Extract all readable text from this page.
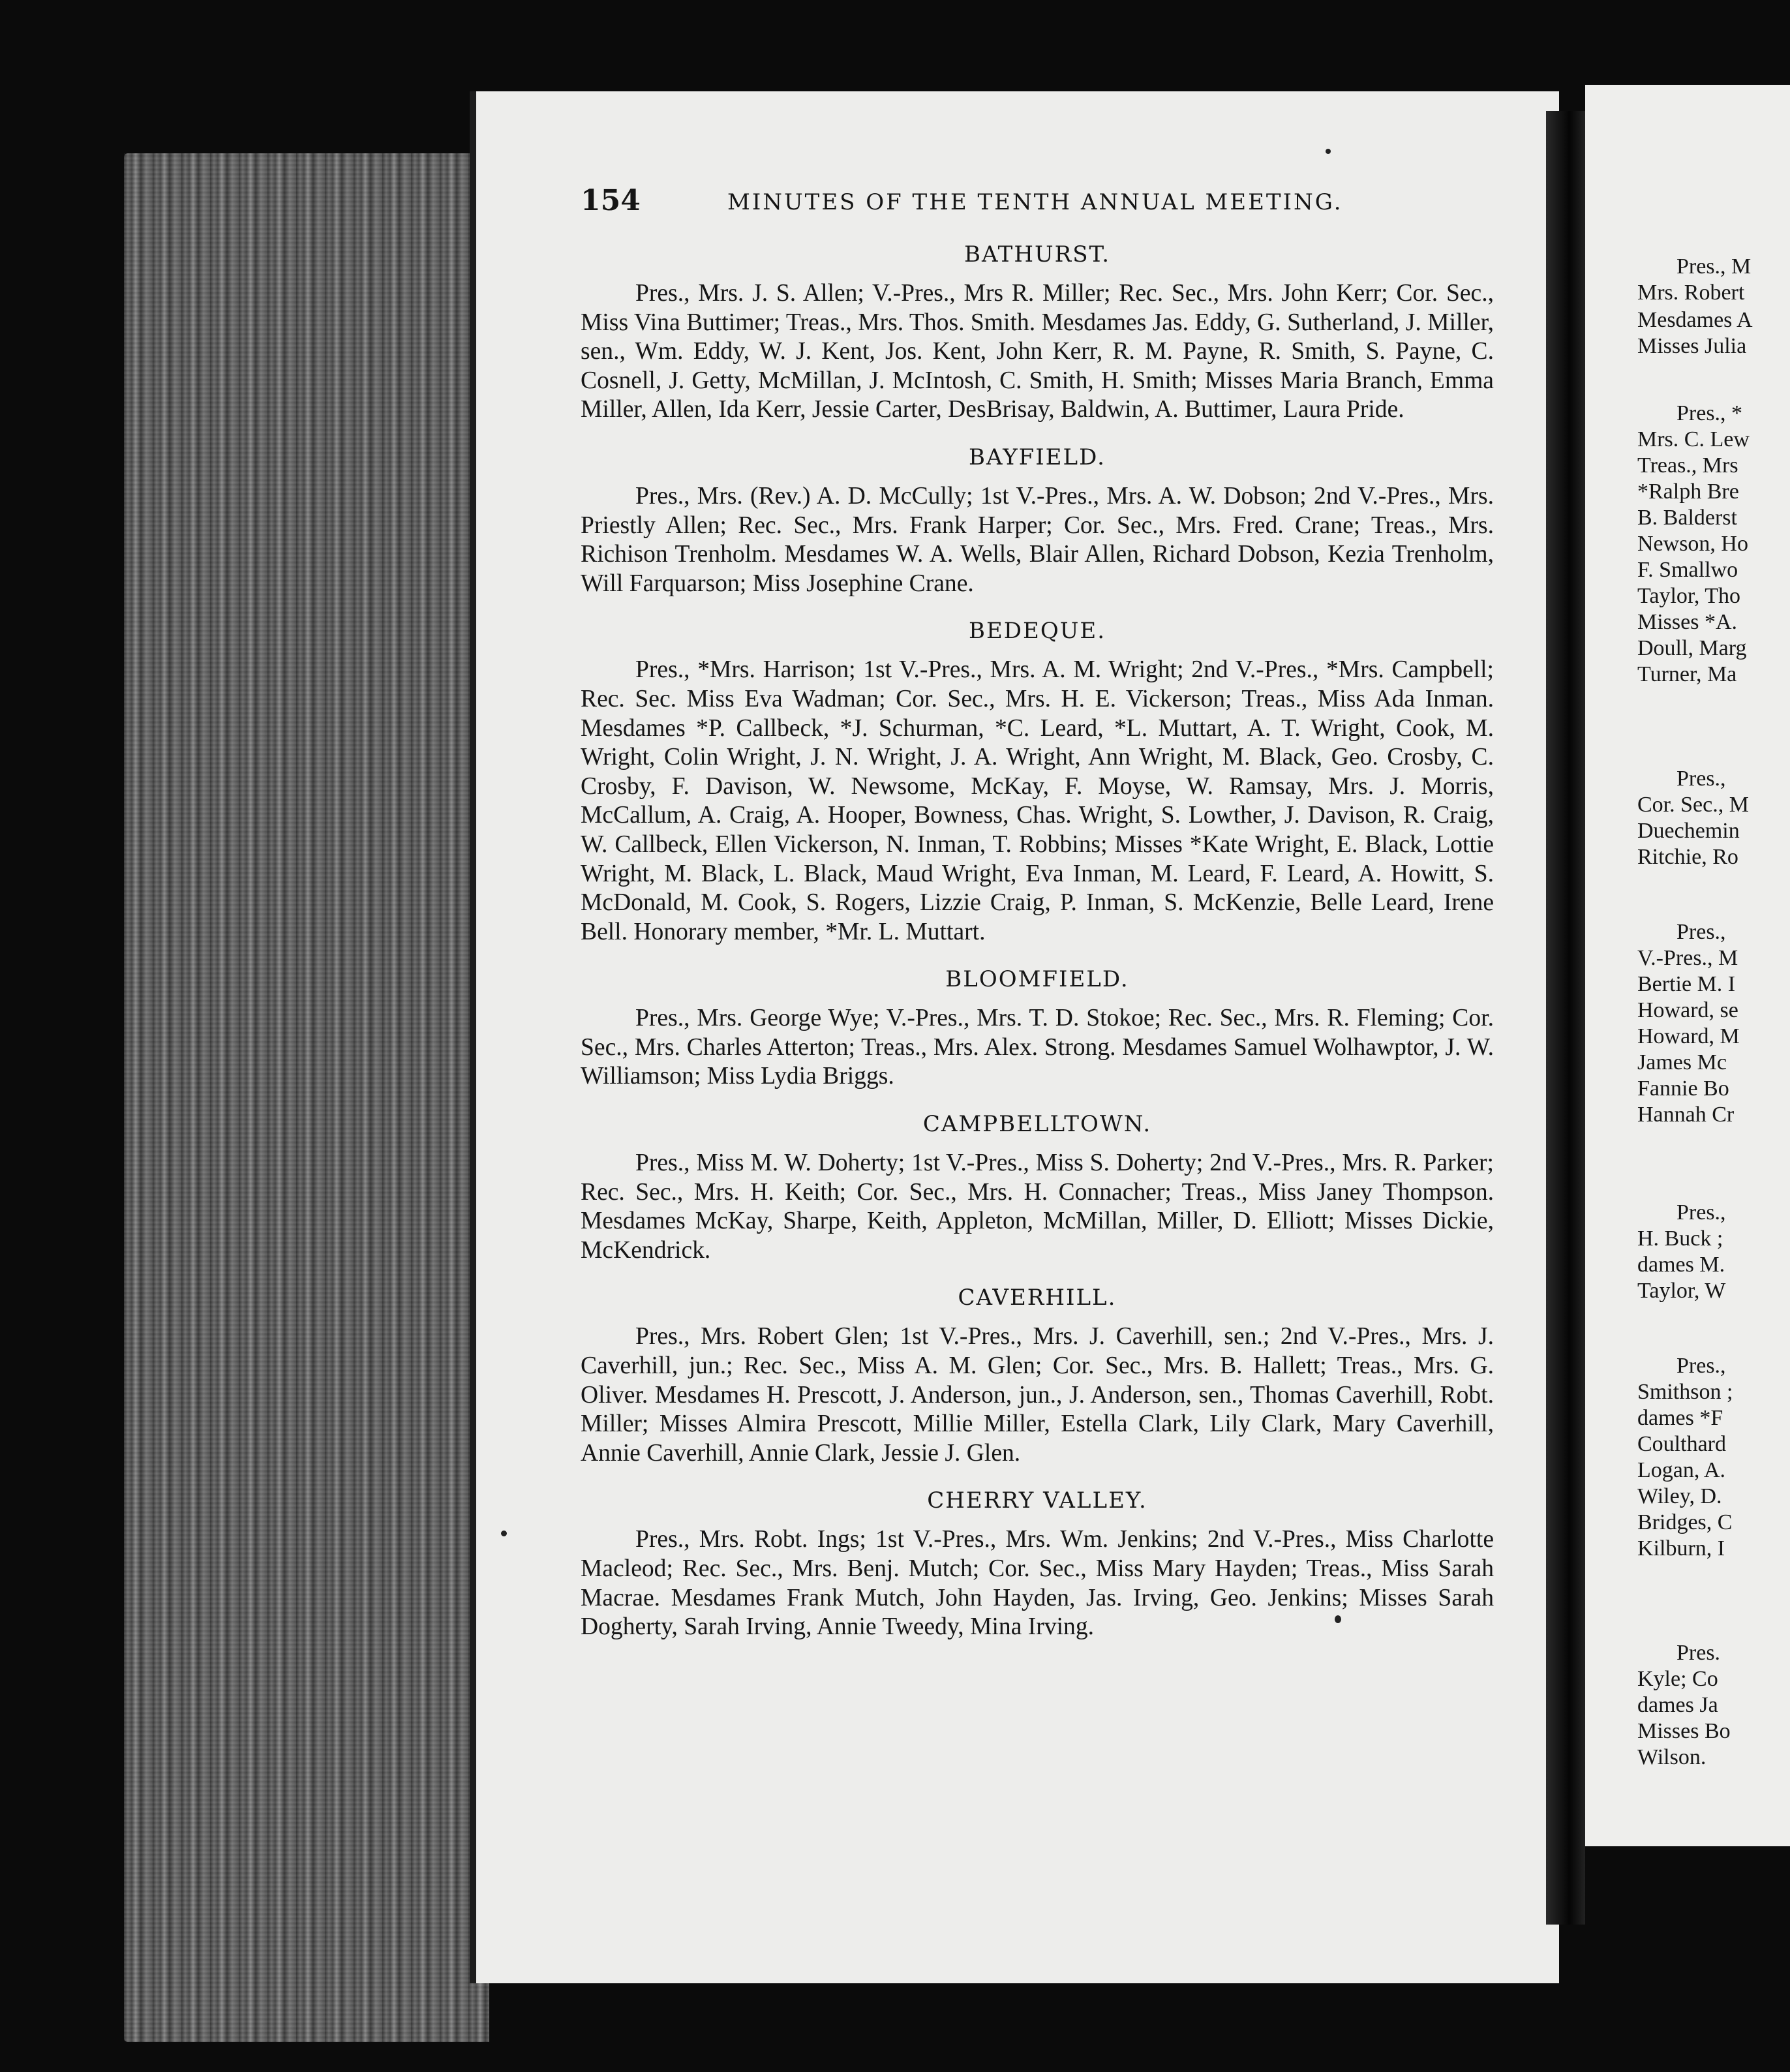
Pres., M
Mrs. Robert
Mesdames A
Misses Julia
Pres., *
Mrs. C. Lew
Treas., Mrs
*Ralph Bre
B. Balderst
Newson, Ho
F. Smallwo
Taylor, Tho
Misses *A.
Doull, Marg
Turner, Ma
Pres.,
Cor. Sec., M
Duechemin
Ritchie, Ro
Pres.,
V.-Pres., M
Bertie M. I
Howard, se
Howard, M
James Mc
Fannie Bo
Hannah Cr
Pres.,
H. Buck ;
dames M.
Taylor, W
Pres.,
Smithson ;
dames *F
Coulthard
Logan, A.
Wiley, D.
Bridges, C
Kilburn, I
Pres.
Kyle; Co
dames Ja
Misses Bo
Wilson.
154	MINUTES OF THE TENTH ANNUAL MEETING.
BATHURST.

Pres., Mrs. J. S. Allen; V.-Pres., Mrs R. Miller; Rec. Sec., Mrs. John Kerr; Cor. Sec., Miss Vina Buttimer; Treas., Mrs. Thos. Smith. Mesdames Jas. Eddy, G. Sutherland, J. Miller, sen., Wm. Eddy, W. J. Kent, Jos. Kent, John Kerr, R. M. Payne, R. Smith, S. Payne, C. Cosnell, J. Getty, McMillan, J. McIntosh, C. Smith, H. Smith; Misses Maria Branch, Emma Miller, Allen, Ida Kerr, Jessie Carter, DesBrisay, Baldwin, A. Buttimer, Laura Pride.

BAYFIELD.

Pres., Mrs. (Rev.) A. D. McCully; 1st V.-Pres., Mrs. A. W. Dobson; 2nd V.-Pres., Mrs. Priestly Allen; Rec. Sec., Mrs. Frank Harper; Cor. Sec., Mrs. Fred. Crane; Treas., Mrs. Richison Trenholm. Mesdames W. A. Wells, Blair Allen, Richard Dobson, Kezia Trenholm, Will Farquarson; Miss Josephine Crane.

BEDEQUE.

Pres., *Mrs. Harrison; 1st V.-Pres., Mrs. A. M. Wright; 2nd V.-Pres., *Mrs. Campbell; Rec. Sec. Miss Eva Wadman; Cor. Sec., Mrs. H. E. Vickerson; Treas., Miss Ada Inman. Mesdames *P. Callbeck, *J. Schurman, *C. Leard, *L. Muttart, A. T. Wright, Cook, M. Wright, Colin Wright, J. N. Wright, J. A. Wright, Ann Wright, M. Black, Geo. Crosby, C. Crosby, F. Davison, W. Newsome, McKay, F. Moyse, W. Ramsay, Mrs. J. Morris, McCallum, A. Craig, A. Hooper, Bowness, Chas. Wright, S. Lowther, J. Davison, R. Craig, W. Callbeck, Ellen Vickerson, N. Inman, T. Robbins; Misses *Kate Wright, E. Black, Lottie Wright, M. Black, L. Black, Maud Wright, Eva Inman, M. Leard, F. Leard, A. Howitt, S. McDonald, M. Cook, S. Rogers, Lizzie Craig, P. Inman, S. McKenzie, Belle Leard, Irene Bell. Honorary member, *Mr. L. Muttart.

BLOOMFIELD.

Pres., Mrs. George Wye; V.-Pres., Mrs. T. D. Stokoe; Rec. Sec., Mrs. R. Fleming; Cor. Sec., Mrs. Charles Atterton; Treas., Mrs. Alex. Strong. Mesdames Samuel Wolhawptor, J. W. Williamson; Miss Lydia Briggs.

CAMPBELLTOWN.

Pres., Miss M. W. Doherty; 1st V.-Pres., Miss S. Doherty; 2nd V.-Pres., Mrs. R. Parker; Rec. Sec., Mrs. H. Keith; Cor. Sec., Mrs. H. Connacher; Treas., Miss Janey Thompson. Mesdames McKay, Sharpe, Keith, Appleton, McMillan, Miller, D. Elliott; Misses Dickie, McKendrick.

CAVERHILL.

Pres., Mrs. Robert Glen; 1st V.-Pres., Mrs. J. Caverhill, sen.; 2nd V.-Pres., Mrs. J. Caverhill, jun.; Rec. Sec., Miss A. M. Glen; Cor. Sec., Mrs. B. Hallett; Treas., Mrs. G. Oliver. Mesdames H. Prescott, J. Anderson, jun., J. Anderson, sen., Thomas Caverhill, Robt. Miller; Misses Almira Prescott, Millie Miller, Estella Clark, Lily Clark, Mary Caverhill, Annie Caverhill, Annie Clark, Jessie J. Glen.

CHERRY VALLEY.

Pres., Mrs. Robt. Ings; 1st V.-Pres., Mrs. Wm. Jenkins; 2nd V.-Pres., Miss Charlotte Macleod; Rec. Sec., Mrs. Benj. Mutch; Cor. Sec., Miss Mary Hayden; Treas., Miss Sarah Macrae. Mesdames Frank Mutch, John Hayden, Jas. Irving, Geo. Jenkins; Misses Sarah Dogherty, Sarah Irving, Annie Tweedy, Mina Irving.
